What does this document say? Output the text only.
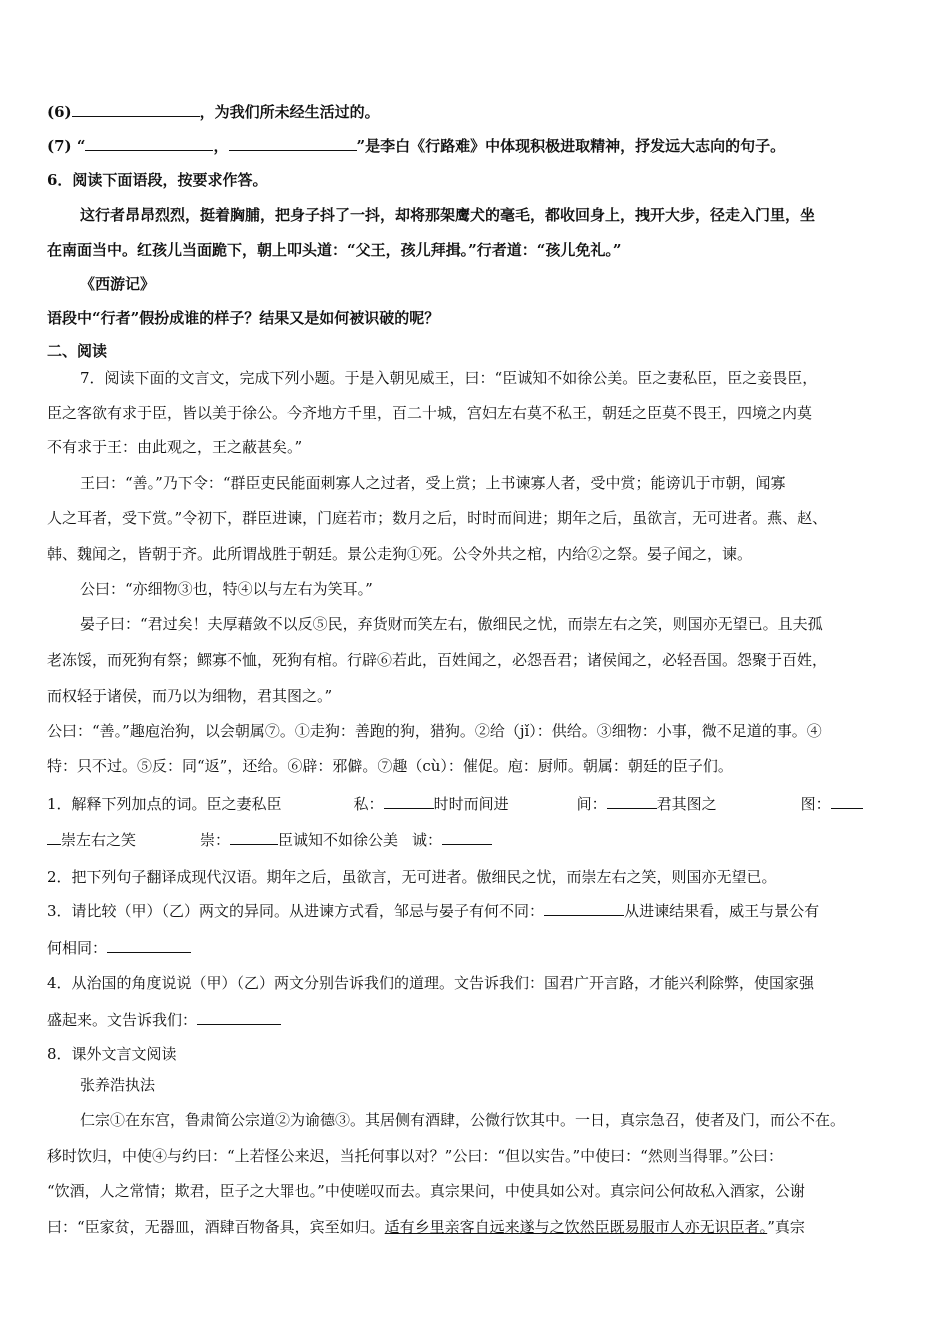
(6)	，为我们所未经生活过的。
(7) “	，	”是李白《行路难》中体现积极进取精神，抒发远大志向的句子。
6．阅读下面语段，按要求作答。
这行者昂昂烈烈，挺着胸脯，把身子抖了一抖，却将那架鹰犬的毫毛，都收回身上，拽开大步，径走入门里，坐
在南面当中。红孩儿当面跪下，朝上叩头道：“父王，孩儿拜揖。”行者道：“孩儿免礼。”
《西游记》
语段中“行者”假扮成谁的样子？结果又是如何被识破的呢？
二、阅读
7．阅读下面的文言文，完成下列小题。于是入朝见威王，曰：“臣诚知不如徐公美。臣之妻私臣，臣之妾畏臣，
臣之客欲有求于臣，皆以美于徐公。今齐地方千里，百二十城，宫妇左右莫不私王，朝廷之臣莫不畏王，四境之内莫
不有求于王：由此观之，王之蔽甚矣。”
王曰：“善。”乃下令：“群臣吏民能面刺寡人之过者，受上赏；上书谏寡人者，受中赏；能谤讥于市朝，闻寡
人之耳者，受下赏。”令初下，群臣进谏，门庭若市；数月之后，时时而间进；期年之后，虽欲言，无可进者。燕、赵、
韩、魏闻之，皆朝于齐。此所谓战胜于朝廷。景公走狗①死。公令外共之棺，内给②之祭。晏子闻之，谏。
公曰：“亦细物③也，特④以与左右为笑耳。”
晏子曰：“君过矣！夫厚藉敛不以反⑤民，弃货财而笑左右，傲细民之忧，而崇左右之笑，则国亦无望已。且夫孤
老冻馁，而死狗有祭；鳏寡不恤，死狗有棺。行辟⑥若此，百姓闻之，必怨吾君；诸侯闻之，必轻吾国。怨聚于百姓，
而权轻于诸侯，而乃以为细物，君其图之。”
公曰：“善。”趣庖治狗，以会朝属⑦。①走狗：善跑的狗，猎狗。②给（jǐ）：供给。③细物：小事，微不足道的事。④
特：只不过。⑤反：同“返”，还给。⑥辟：邪僻。⑦趣（cù）：催促。庖：厨师。朝属：朝廷的臣子们。
1．解释下列加点的词。臣之妻私臣	私：	时时而间进	间：	君其图之	图：
崇左右之笑	崇：	臣诚知不如徐公美 诚：
2．把下列句子翻译成现代汉语。期年之后，虽欲言，无可进者。傲细民之忧，而崇左右之笑，则国亦无望已。
3．请比较（甲）（乙）两文的异同。从进谏方式看，邹忌与晏子有何不同：	从进谏结果看，威王与景公有
何相同：
4．从治国的角度说说（甲）（乙）两文分别告诉我们的道理。文告诉我们：国君广开言路，才能兴利除弊，使国家强
盛起来。文告诉我们：
8．课外文言文阅读
张养浩执法
仁宗①在东宫，鲁肃简公宗道②为谕德③。其居侧有酒肆，公微行饮其中。一日，真宗急召，使者及门，而公不在。
移时饮归，中使④与约曰：“上若怪公来迟，当托何事以对？”公曰：“但以实告。”中使曰：“然则当得罪。”公曰：
“饮酒，人之常情；欺君，臣子之大罪也。”中使嗟叹而去。真宗果问，中使具如公对。真宗问公何故私入酒家，公谢
曰：“臣家贫，无器皿，酒肆百物备具，宾至如归。适有乡里亲客自远来遂与之饮然臣既易服市人亦无识臣者。”真宗
